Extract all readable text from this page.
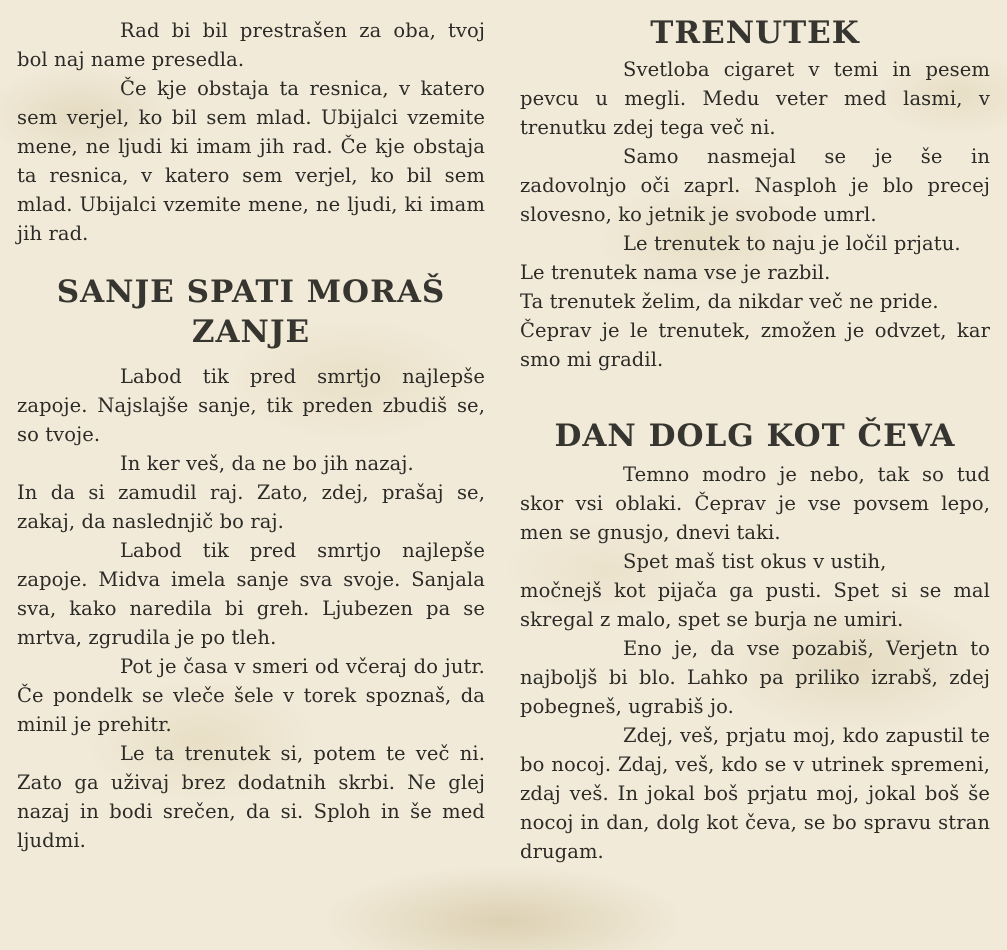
Rad bi bil prestrašen za oba, tvoj bol naj name presedla.

Če kje obstaja ta resnica, v katero sem verjel, ko bil sem mlad. Ubijalci vzemite mene, ne ljudi ki imam jih rad. Če kje obstaja ta resnica, v katero sem verjel, ko bil sem mlad. Ubijalci vzemite mene, ne ljudi, ki imam jih rad.

SANJE SPATI MORAŠ ZANJE

Labod tik pred smrtjo najlepše zapoje. Najslajše sanje, tik preden zbudiš se, so tvoje.

In ker veš, da ne bo jih nazaj.

In da si zamudil raj. Zato, zdej, prašaj se, zakaj, da naslednjič bo raj.

Labod tik pred smrtjo najlepše zapoje. Midva imela sanje sva svoje. Sanjala sva, kako naredila bi greh. Ljubezen pa se mrtva, zgrudila je po tleh.

Pot je časa v smeri od včeraj do jutr. Če pondelk se vleče šele v torek spoznaš, da minil je prehitr.

Le ta trenutek si, potem te več ni. Zato ga uživaj brez dodatnih skrbi. Ne glej nazaj in bodi srečen, da si. Sploh in še med ljudmi.

TRENUTEK

Svetloba cigaret v temi in pesem pevcu u megli. Medu veter med lasmi, v trenutku zdej tega več ni.

Samo nasmejal se je še in zadovolnjo oči zaprl. Nasploh je blo precej slovesno, ko jetnik je svobode umrl.

Le trenutek to naju je ločil prjatu.

Le trenutek nama vse je razbil.

Ta trenutek želim, da nikdar več ne pride.

Čeprav je le trenutek, zmožen je odvzet, kar smo mi gradil.

DAN DOLG KOT ČEVA

Temno modro je nebo, tak so tud skor vsi oblaki. Čeprav je vse povsem lepo, men se gnusjo, dnevi taki.

Spet maš tist okus v ustih,

močnejš kot pijača ga pusti. Spet si se mal skregal z malo, spet se burja ne umiri.

Eno je, da vse pozabiš, Verjetn to najboljš bi blo. Lahko pa priliko izrabš, zdej pobegneš, ugrabiš jo.

Zdej, veš, prjatu moj, kdo zapustil te bo nocoj. Zdaj, veš, kdo se v utrinek spremeni, zdaj veš. In jokal boš prjatu moj, jokal boš še nocoj in dan, dolg kot čeva, se bo spravu stran drugam.
